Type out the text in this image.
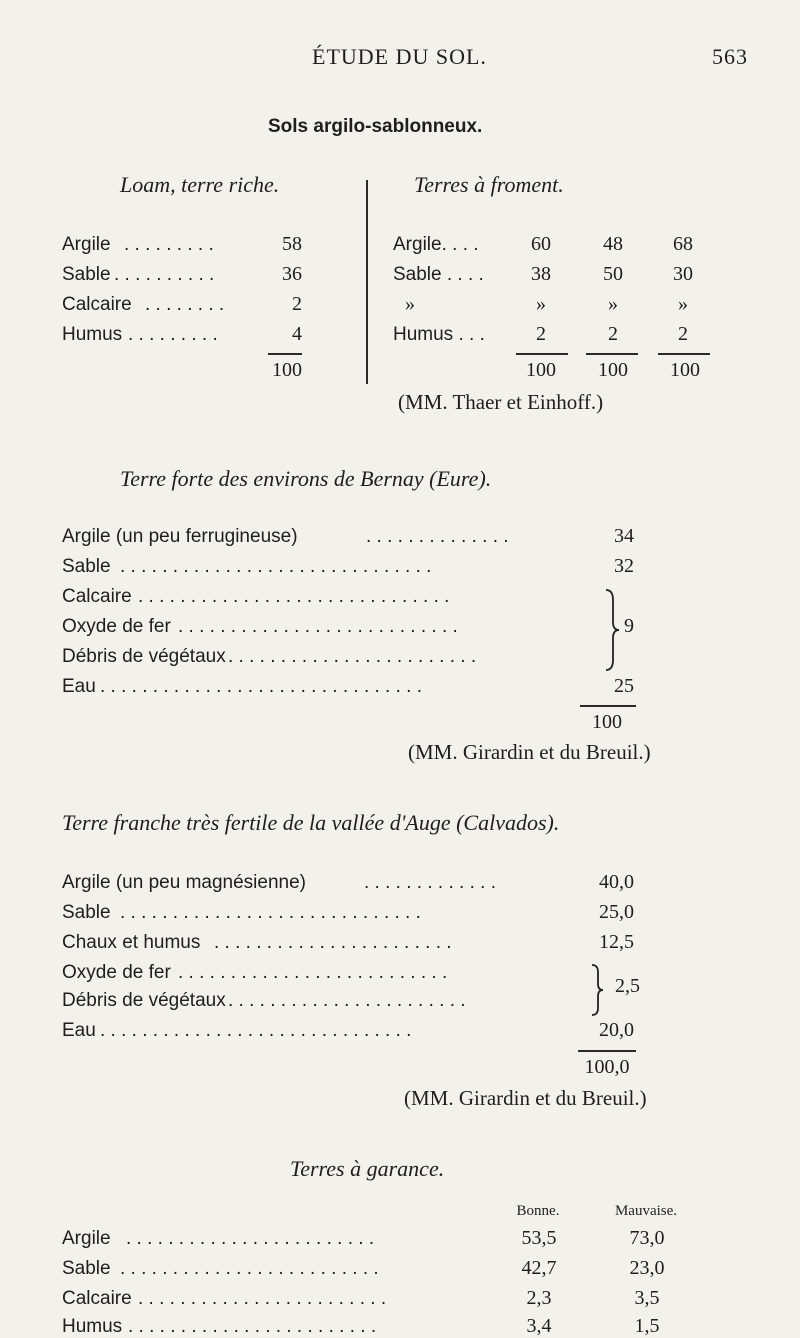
ÉTUDE DU SOL.	563
Sols argilo-sablonneux.
Loam, terre riche.
Argile . . . . . . . . .	58
Sable . . . . . . . . . .	36
Calcaire . . . . . . . .	2
Humus . . . . . . . . .	4
100
Terres à froment.
Argile. . . .	60	48	68
Sable . . . .	38	50	30
»	»	»	»
Humus . . .	2	2	2
100	100	100
(MM. Thaer et Einhoff.)
Terre forte des environs de Bernay (Eure).
Argile (un peu ferrugineuse)	. . . . . . . . . . . . . .	34
Sable . . . . . . . . . . . . . . . . . . . . . . . . . . . . . .	32
Calcaire . . . . . . . . . . . . . . . . . . . . . . . . . . . . . .
Oxyde de fer . . . . . . . . . . . . . . . . . . . . . . . . . . .	9
Débris de végétaux . . . . . . . . . . . . . . . . . . . . . . . .
Eau . . . . . . . . . . . . . . . . . . . . . . . . . . . . . . .	25
100
(MM. Girardin et du Breuil.)
Terre franche très fertile de la vallée d'Auge (Calvados).
Argile (un peu magnésienne)	. . . . . . . . . . . . .	40,0
Sable . . . . . . . . . . . . . . . . . . . . . . . . . . . . .	25,0
Chaux et humus . . . . . . . . . . . . . . . . . . . . . . .	12,5
Oxyde de fer . . . . . . . . . . . . . . . . . . . . . . . . . .
Débris de végétaux . . . . . . . . . . . . . . . . . . . . . . .
2,5
Eau . . . . . . . . . . . . . . . . . . . . . . . . . . . . . .	20,0
100,0
(MM. Girardin et du Breuil.)
Terres à garance.
Bonne.	Mauvaise.
Argile . . . . . . . . . . . . . . . . . . . . . . . .	53,5	73,0
Sable . . . . . . . . . . . . . . . . . . . . . . . . .	42,7	23,0
Calcaire . . . . . . . . . . . . . . . . . . . . . . . .	2,3	3,5
Humus . . . . . . . . . . . . . . . . . . . . . . . .	3,4	1,5
